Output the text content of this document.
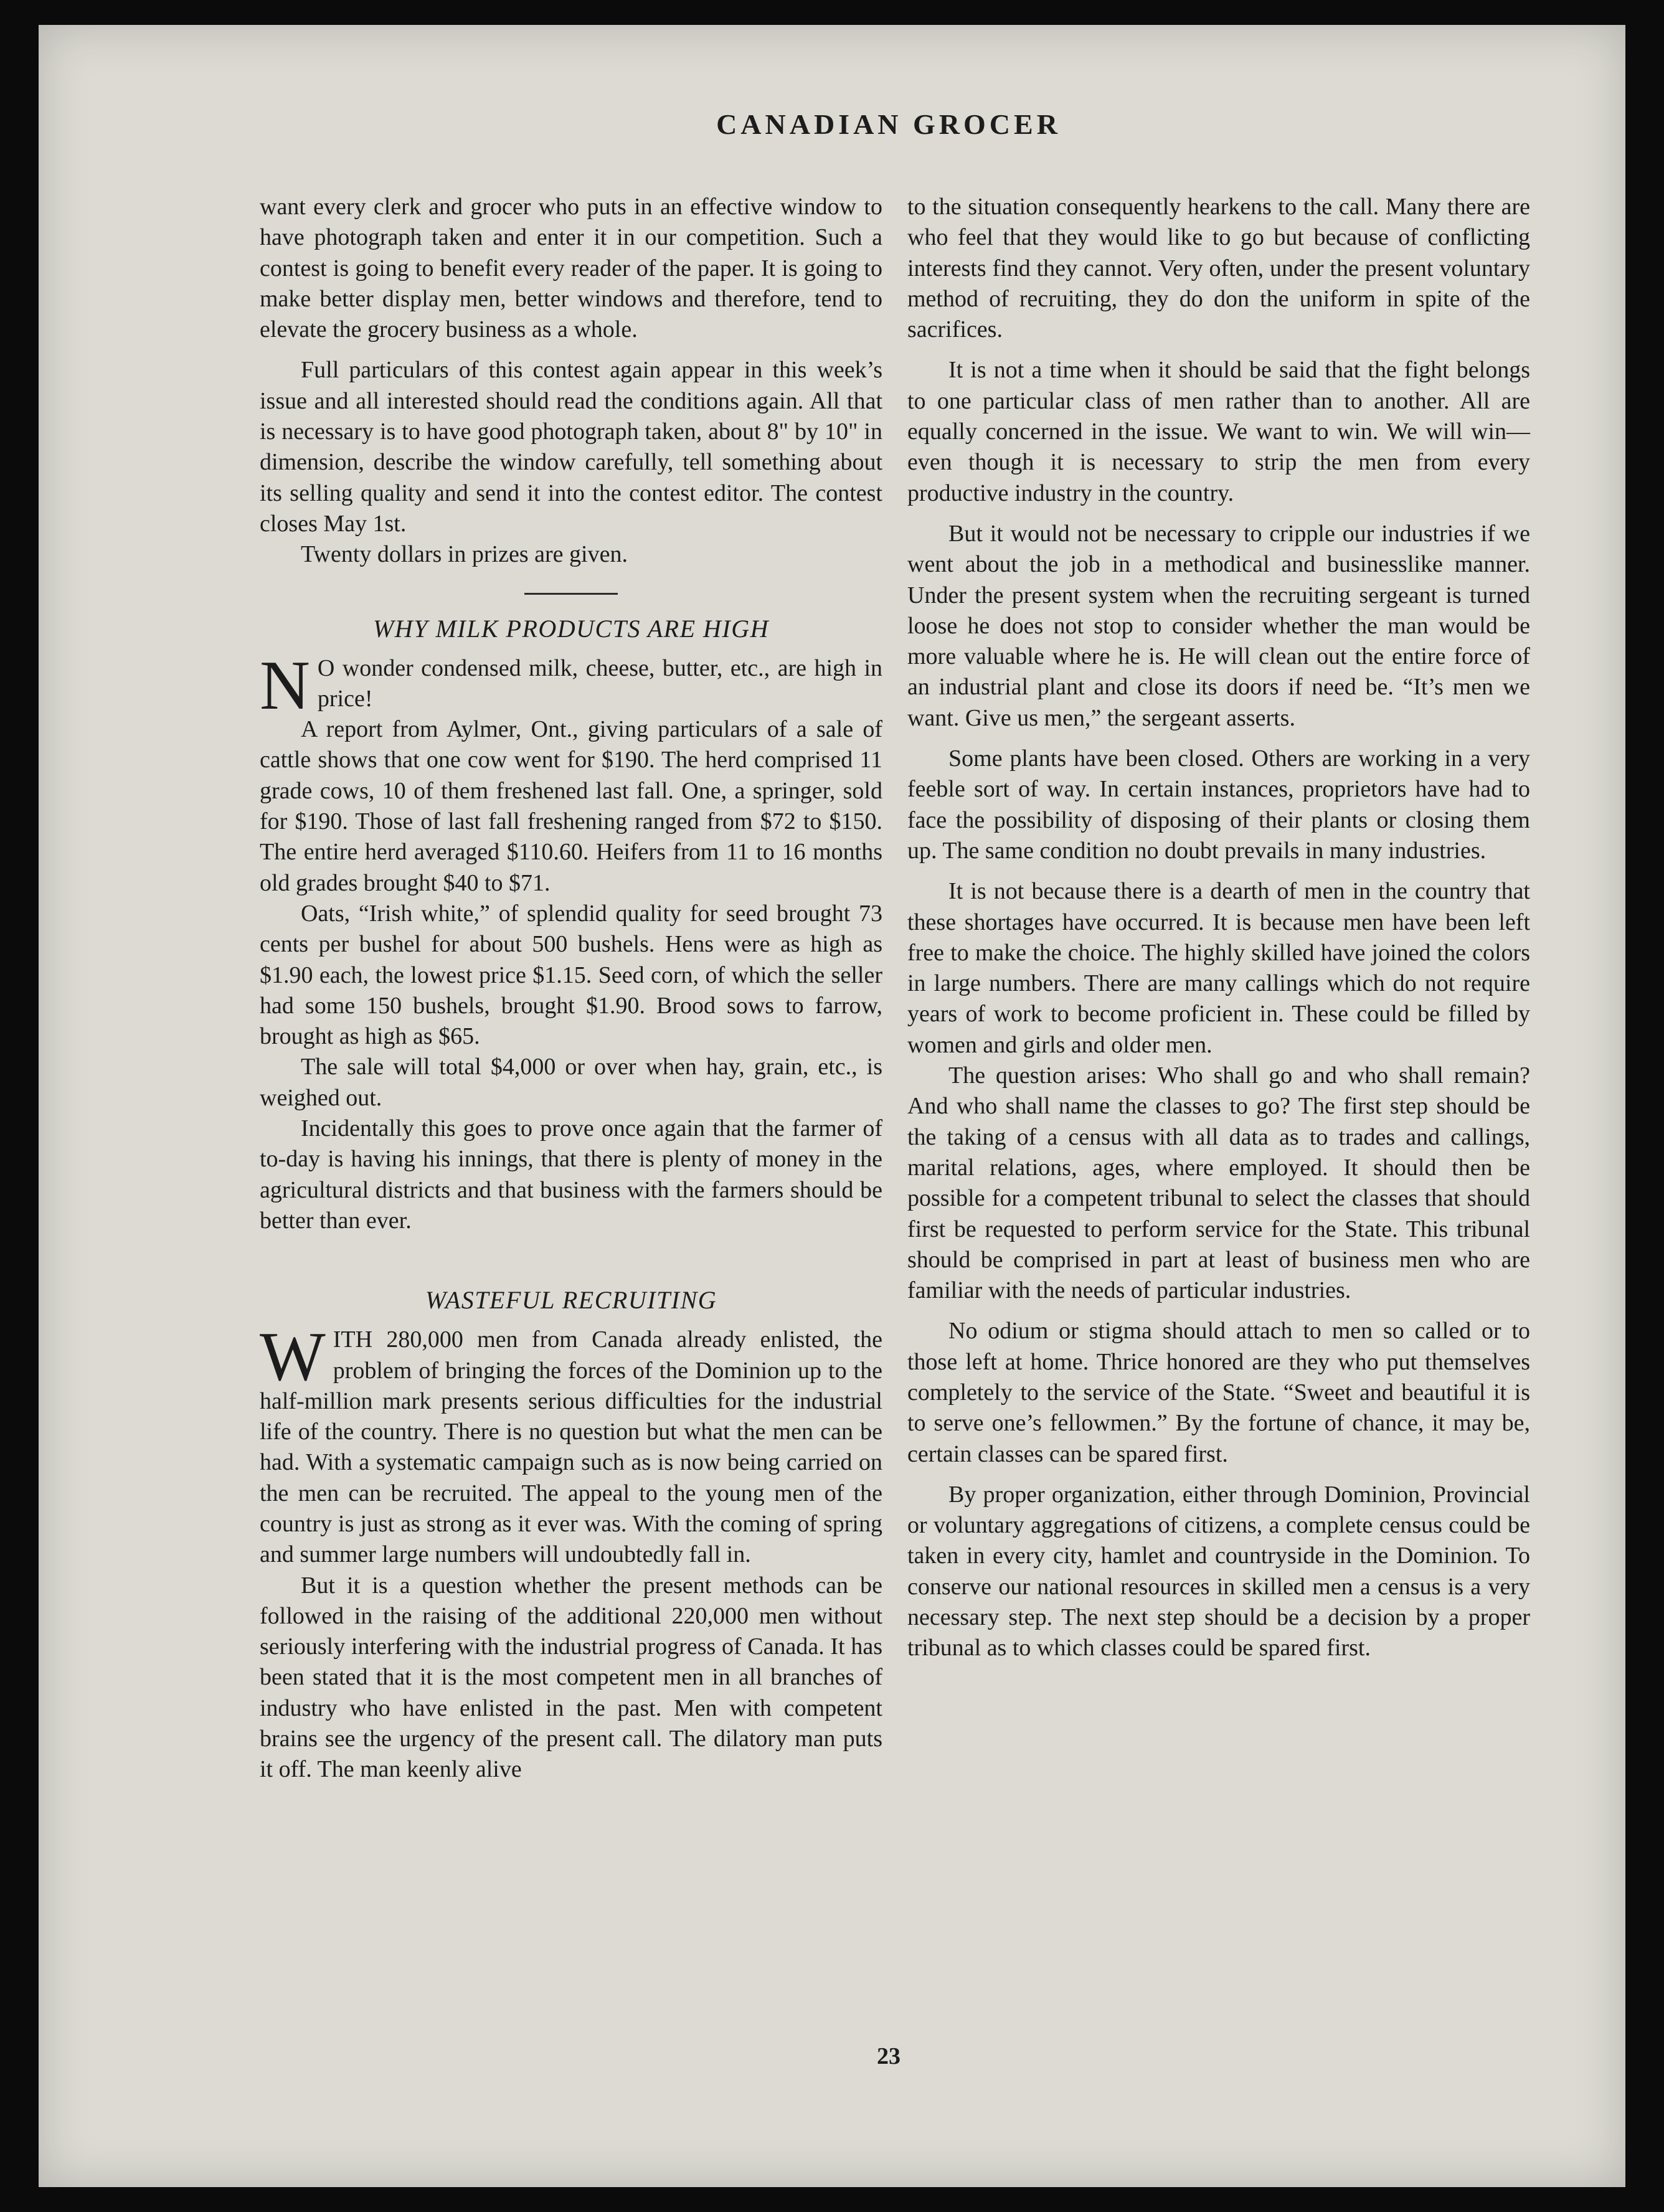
CANADIAN GROCER

want every clerk and grocer who puts in an effective window to have photograph taken and enter it in our competition. Such a contest is going to benefit every reader of the paper. It is going to make better display men, better windows and therefore, tend to elevate the grocery business as a whole.

Full particulars of this contest again appear in this week’s issue and all interested should read the conditions again. All that is necessary is to have good photograph taken, about 8" by 10" in dimension, describe the window carefully, tell something about its selling quality and send it into the contest editor. The contest closes May 1st.

Twenty dollars in prizes are given.

WHY MILK PRODUCTS ARE HIGH

N O wonder condensed milk, cheese, butter, etc., are high in price!

A report from Aylmer, Ont., giving particulars of a sale of cattle shows that one cow went for $190. The herd comprised 11 grade cows, 10 of them freshened last fall. One, a springer, sold for $190. Those of last fall freshening ranged from $72 to $150. The entire herd averaged $110.60. Heifers from 11 to 16 months old grades brought $40 to $71.

Oats, “Irish white,” of splendid quality for seed brought 73 cents per bushel for about 500 bushels. Hens were as high as $1.90 each, the lowest price $1.15. Seed corn, of which the seller had some 150 bushels, brought $1.90. Brood sows to farrow, brought as high as $65.

The sale will total $4,000 or over when hay, grain, etc., is weighed out.

Incidentally this goes to prove once again that the farmer of to-day is having his innings, that there is plenty of money in the agricultural districts and that business with the farmers should be better than ever.

WASTEFUL RECRUITING

WITH 280,000 men from Canada already enlisted, the problem of bringing the forces of the Dominion up to the half-million mark presents serious difficulties for the industrial life of the country. There is no question but what the men can be had. With a systematic campaign such as is now being carried on the men can be recruited. The appeal to the young men of the country is just as strong as it ever was. With the coming of spring and summer large numbers will undoubtedly fall in.

But it is a question whether the present methods can be followed in the raising of the additional 220,000 men without seriously interfering with the industrial progress of Canada. It has been stated that it is the most competent men in all branches of industry who have enlisted in the past. Men with competent brains see the urgency of the present call. The dilatory man puts it off. The man keenly alive

to the situation consequently hearkens to the call. Many there are who feel that they would like to go but because of conflicting interests find they cannot. Very often, under the present voluntary method of recruiting, they do don the uniform in spite of the sacrifices.

It is not a time when it should be said that the fight belongs to one particular class of men rather than to another. All are equally concerned in the issue. We want to win. We will win—even though it is necessary to strip the men from every productive industry in the country.

But it would not be necessary to cripple our industries if we went about the job in a methodical and businesslike manner. Under the present system when the recruiting sergeant is turned loose he does not stop to consider whether the man would be more valuable where he is. He will clean out the entire force of an industrial plant and close its doors if need be. “It’s men we want. Give us men,” the sergeant asserts.

Some plants have been closed. Others are working in a very feeble sort of way. In certain instances, proprietors have had to face the possibility of disposing of their plants or closing them up. The same condition no doubt prevails in many industries.

It is not because there is a dearth of men in the country that these shortages have occurred. It is because men have been left free to make the choice. The highly skilled have joined the colors in large numbers. There are many callings which do not require years of work to become proficient in. These could be filled by women and girls and older men.

The question arises: Who shall go and who shall remain? And who shall name the classes to go? The first step should be the taking of a census with all data as to trades and callings, marital relations, ages, where employed. It should then be possible for a competent tribunal to select the classes that should first be requested to perform service for the State. This tribunal should be comprised in part at least of business men who are familiar with the needs of particular industries.

No odium or stigma should attach to men so called or to those left at home. Thrice honored are they who put themselves completely to the service of the State. “Sweet and beautiful it is to serve one’s fellowmen.” By the fortune of chance, it may be, certain classes can be spared first.

By proper organization, either through Dominion, Provincial or voluntary aggregations of citizens, a complete census could be taken in every city, hamlet and countryside in the Dominion. To conserve our national resources in skilled men a census is a very necessary step. The next step should be a decision by a proper tribunal as to which classes could be spared first.

23
